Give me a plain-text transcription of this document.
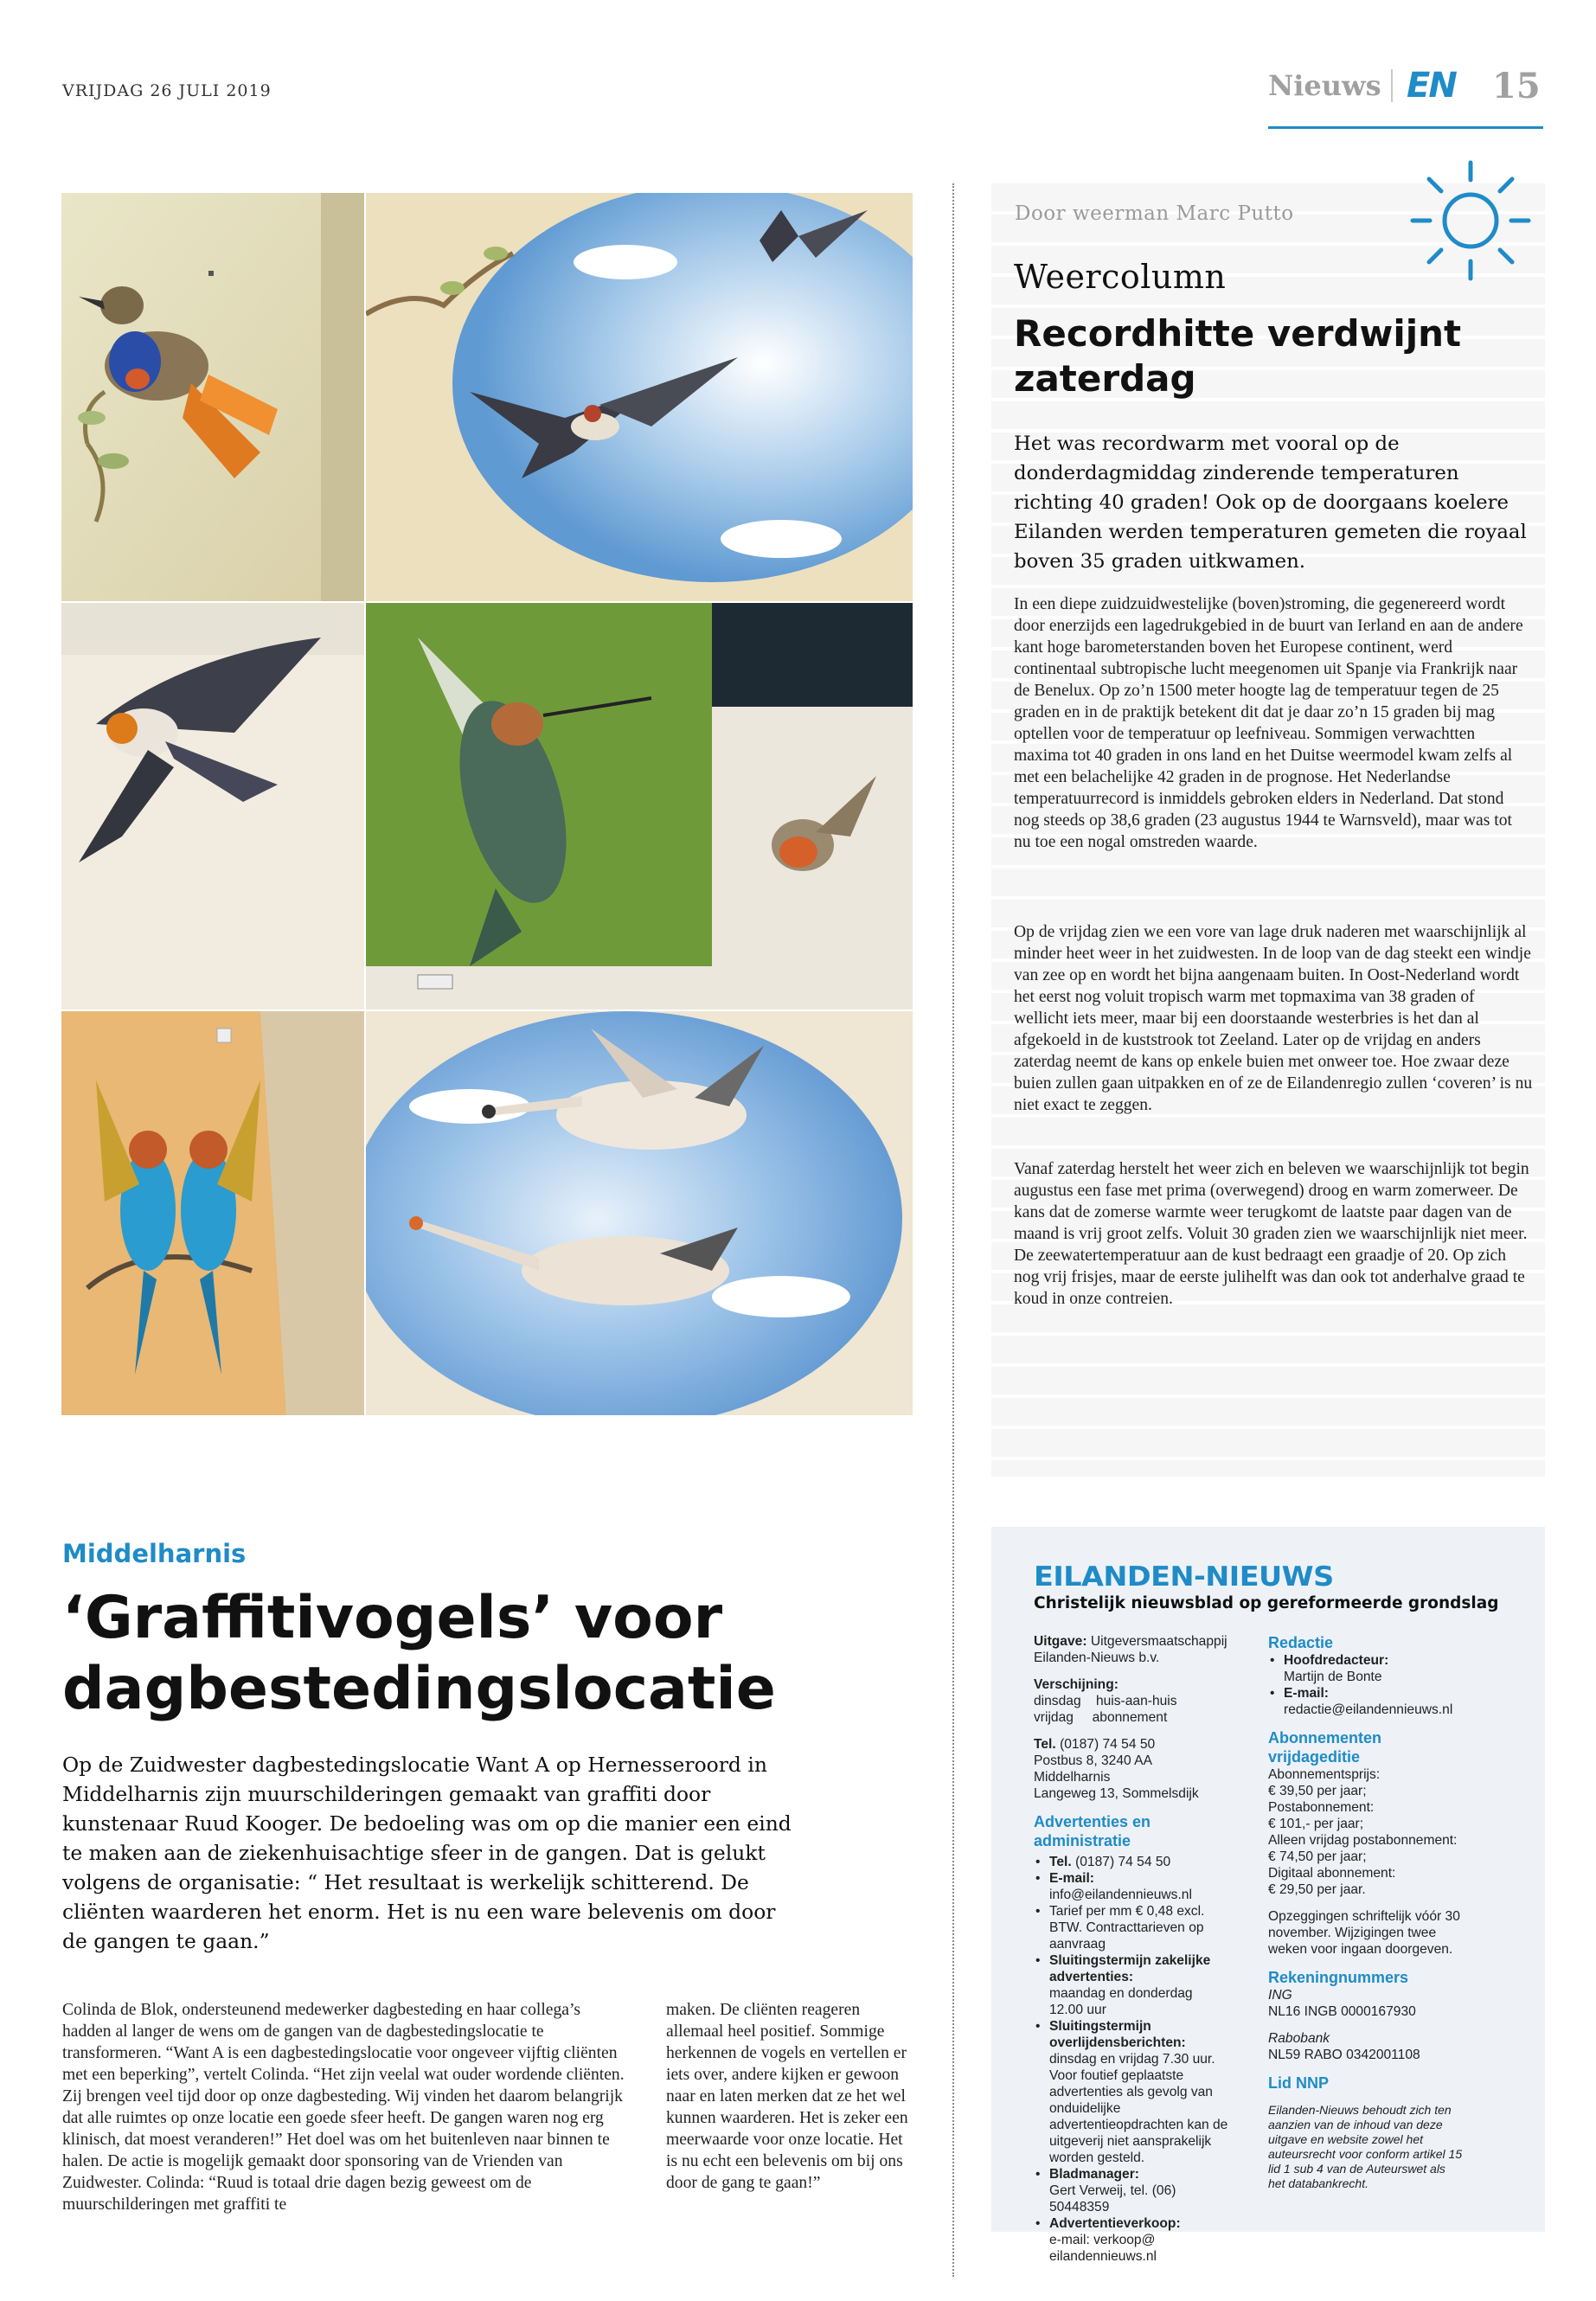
VRIJDAG 26 JULI 2019	Nieuws EN 15
Door weerman Marc Putto
Weercolumn
Recordhitte verdwijnt zaterdag
Het was recordwarm met vooral op de donderdagmiddag zinderende temperaturen richting 40 graden! Ook op de doorgaans koelere Eilanden werden temperaturen gemeten die royaal boven 35 graden uitkwamen.
In een diepe zuidzuidwestelijke (boven)stroming, die gegenereerd wordt door enerzijds een lagedrukgebied in de buurt van Ierland en aan de andere kant hoge barometerstanden boven het Europese continent, werd continentaal subtropische lucht meegenomen uit Spanje via Frankrijk naar de Benelux. Op zo’n 1500 meter hoogte lag de temperatuur tegen de 25 graden en in de praktijk betekent dit dat je daar zo’n 15 graden bij mag optellen voor de temperatuur op leefniveau. Sommigen verwachtten maxima tot 40 graden in ons land en het Duitse weermodel kwam zelfs al met een belachelijke 42 graden in de prognose. Het Nederlandse temperatuurrecord is inmiddels gebroken elders in Nederland. Dat stond nog steeds op 38,6 graden (23 augustus 1944 te Warnsveld), maar was tot nu toe een nogal omstreden waarde.
Op de vrijdag zien we een vore van lage druk naderen met waarschijnlijk al minder heet weer in het zuidwesten. In de loop van de dag steekt een windje van zee op en wordt het bijna aangenaam buiten. In Oost-Nederland wordt het eerst nog voluit tropisch warm met topmaxima van 38 graden of wellicht iets meer, maar bij een doorstaande westerbries is het dan al afgekoeld in de kuststrook tot Zeeland. Later op de vrijdag en anders zaterdag neemt de kans op enkele buien met onweer toe. Hoe zwaar deze buien zullen gaan uitpakken en of ze de Eilandenregio zullen ‘coveren’ is nu niet exact te zeggen.
Vanaf zaterdag herstelt het weer zich en beleven we waarschijnlijk tot begin augustus een fase met prima (overwegend) droog en warm zomerweer. De kans dat de zomerse warmte weer terugkomt de laatste paar dagen van de maand is vrij groot zelfs. Voluit 30 graden zien we waarschijnlijk niet meer. De zeewatertemperatuur aan de kust bedraagt een graadje of 20. Op zich nog vrij frisjes, maar de eerste julihelft was dan ook tot anderhalve graad te koud in onze contreien.
Middelharnis
‘Graffitivogels’ voor dagbestedingslocatie
Op de Zuidwester dagbestedingslocatie Want A op Hernesseroord in Middelharnis zijn muurschilderingen gemaakt van graffiti door kunstenaar Ruud Kooger. De bedoeling was om op die manier een eind te maken aan de ziekenhuisachtige sfeer in de gangen. Dat is gelukt volgens de organisatie: “ Het resultaat is werkelijk schitterend. De cliënten waarderen het enorm. Het is nu een ware belevenis om door de gangen te gaan.”
Colinda de Blok, ondersteunend medewerker dagbesteding en haar collega’s hadden al langer de wens om de gangen van de dagbestedingslocatie te transformeren. “Want A is een dagbestedingslocatie voor ongeveer vijftig cliënten met een beperking”, vertelt Colinda. “Het zijn veelal wat ouder wordende cliënten. Zij brengen veel tijd door op onze dagbesteding. Wij vinden het daarom belangrijk dat alle ruimtes op onze locatie een goede sfeer heeft. De gangen waren nog erg klinisch, dat moest veranderen!” Het doel was om het buitenleven naar binnen te halen. De actie is mogelijk gemaakt door sponsoring van de Vrienden van Zuidwester. Colinda: “Ruud is totaal drie dagen bezig geweest om de muurschilderingen met graffiti te
maken. De cliënten reageren allemaal heel positief. Sommige herkennen de vogels en vertellen er iets over, andere kijken er gewoon naar en laten merken dat ze het wel kunnen waarderen. Het is zeker een meerwaarde voor onze locatie. Het is nu echt een belevenis om bij ons door de gang te gaan!”
EILANDEN-NIEUWS
Christelijk nieuwsblad op gereformeerde grondslag
Uitgave: Uitgeversmaatschappij Eilanden-Nieuws b.v.
Verschijning:
dinsdag    huis-aan-huis
vrijdag     abonnement
Tel. (0187) 74 54 50
Postbus 8, 3240 AA Middelharnis
Langeweg 13, Sommelsdijk
Advertenties en administratie
• Tel. (0187) 74 54 50
• E-mail: info@eilandennieuws.nl
• Tarief per mm € 0,48 excl. BTW. Contracttarieven op aanvraag
• Sluitingstermijn zakelijke advertenties:
maandag en donderdag 12.00 uur
• Sluitingstermijn overlijdensberichten:
dinsdag en vrijdag 7.30 uur. Voor foutief geplaatste advertenties als gevolg van onduidelijke advertentieopdrachten kan de uitgeverij niet aansprakelijk worden gesteld.
• Bladmanager:
Gert Verweij, tel. (06) 50448359
• Advertentieverkoop:
e-mail: verkoop@ eilandennieuws.nl
Redactie
• Hoofdredacteur:
Martijn de Bonte
• E-mail:
redactie@eilandennieuws.nl
Abonnementen vrijdageditie
Abonnementsprijs:
€ 39,50 per jaar;
Postabonnement:
€ 101,- per jaar;
Alleen vrijdag postabonnement:
€ 74,50 per jaar;
Digitaal abonnement:
€ 29,50 per jaar.
Opzeggingen schriftelijk vóór 30 november. Wijzigingen twee weken voor ingaan doorgeven.
Rekeningnummers
ING
NL16 INGB 0000167930
Rabobank
NL59 RABO 0342001108
Lid NNP
Eilanden-Nieuws behoudt zich ten aanzien van de inhoud van deze uitgave en website zowel het auteursrecht voor conform artikel 15 lid 1 sub 4 van de Auteurswet als het databankrecht.
